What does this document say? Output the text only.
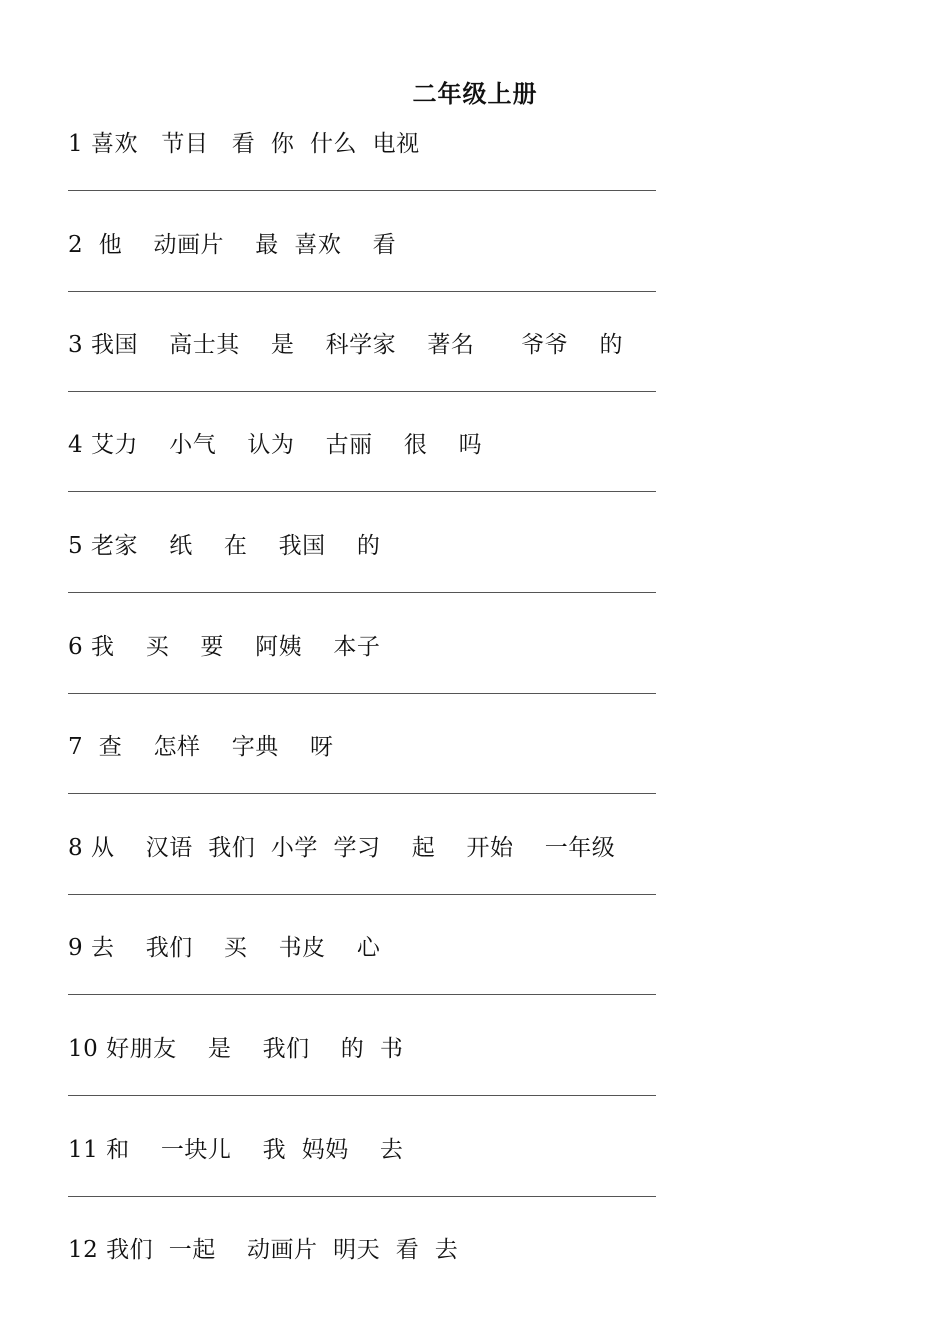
二年级上册
1 喜欢   节目   看  你  什么  电视
2  他    动画片    最  喜欢    看
3 我国    高士其    是    科学家    著名      爷爷    的
4 艾力    小气    认为    古丽    很    吗
5 老家    纸    在    我国    的
6 我    买    要    阿姨    本子
7  查    怎样    字典    呀
8 从    汉语  我们  小学  学习    起    开始    一年级
9 去    我们    买    书皮    心
10 好朋友    是    我们    的  书
11 和    一块儿    我  妈妈    去
12 我们  一起    动画片  明天  看  去
